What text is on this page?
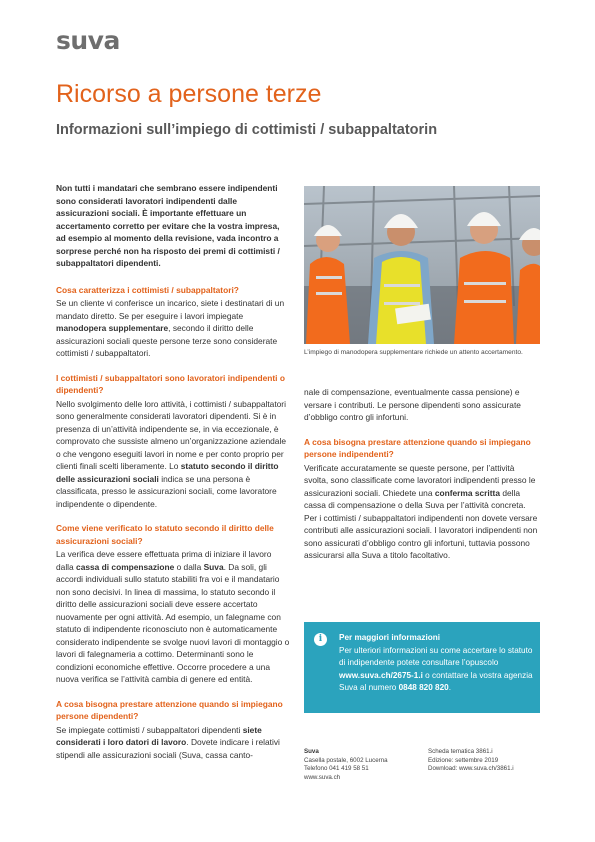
suva
Ricorso a persone terze
Informazioni sull’impiego di cottimisti / subappaltatorin

Non tutti i mandatari che sembrano essere indipendenti sono considerati lavoratori indipendenti dalle assicurazioni sociali. È importante effettuare un accertamento corretto per evitare che la vostra impresa, ad esempio al momento della revisione, vada incontro a sorprese perché non ha risposto dei premi di cottimisti / subappaltatori dipendenti.

Cosa caratterizza i cottimisti / subappaltatori?

Se un cliente vi conferisce un incarico, siete i destinatari di un mandato diretto. Se per eseguire i lavori impiegate manodopera supplementare, secondo il diritto delle assicurazioni sociali queste persone terze sono considerate cottimisti / subappaltatori.

I cottimisti / subappaltatori sono lavoratori indipendenti o dipendenti?

Nello svolgimento delle loro attività, i cottimisti / subappaltatori sono generalmente considerati lavoratori dipendenti. Si è in presenza di un’attività indipendente se, in via eccezionale, è comprovato che sussiste almeno un’organizzazione aziendale o che vengono eseguiti lavori in nome e per conto proprio per clienti finali scelti liberamente. Lo statuto secondo il diritto delle assicurazioni sociali indica se una persona è classificata, presso le assicurazioni sociali, come lavoratore indipendente o dipendente.

Come viene verificato lo statuto secondo il diritto delle assicurazioni sociali?

La verifica deve essere effettuata prima di iniziare il lavoro dalla cassa di compensazione o dalla Suva. Da soli, gli accordi individuali sullo statuto stabiliti fra voi e il mandatario non sono decisivi. In linea di massima, lo statuto secondo il diritto delle assicurazioni sociali deve essere accertato nuovamente per ogni attività. Ad esempio, un falegname con statuto di indipendente riconosciuto non è automaticamente considerato indipendente se svolge nuovi lavori di montaggio o lavori di falegnameria a cottimo. Determinanti sono le condizioni economiche effettive. Occorre procedere a una nuova verifica se l’attività cambia di genere ed entità.

A cosa bisogna prestare attenzione quando si impiegano persone dipendenti?

Se impiegate cottimisti / subappaltatori dipendenti siete considerati i loro datori di lavoro. Dovete indicare i relativi stipendi alle assicurazioni sociali (Suva, cassa canto-

L’impiego di manodopera supplementare richiede un attento accertamento.

nale di compensazione, eventualmente cassa pensione) e versare i contributi. Le persone dipendenti sono assicurate d’obbligo contro gli infortuni.

A cosa bisogna prestare attenzione quando si impiegano persone indipendenti?

Verificate accuratamente se queste persone, per l’attività svolta, sono classificate come lavoratori indipendenti presso le assicurazioni sociali. Chiedete una conferma scritta della cassa di compensazione o della Suva per l’attività concreta. Per i cottimisti / subappaltatori indipendenti non dovete versare contributi alle assicurazioni sociali. I lavoratori indipendenti non sono assicurati d’obbligo contro gli infortuni, tuttavia possono assicurarsi alla Suva a titolo facoltativo.

i	Per maggiori informazioni

Per ulteriori informazioni su come accertare lo statuto di indipendente potete consultare l’opuscolo www.suva.ch/2675-1.i o contattare la vostra agenzia Suva al numero 0848 820 820.

Suva
Casella postale, 6002 Lucerna
Telefono 041 419 58 51
www.suva.ch
Scheda tematica 3861.i
Edizione: settembre 2019
Download: www.suva.ch/3861.i
